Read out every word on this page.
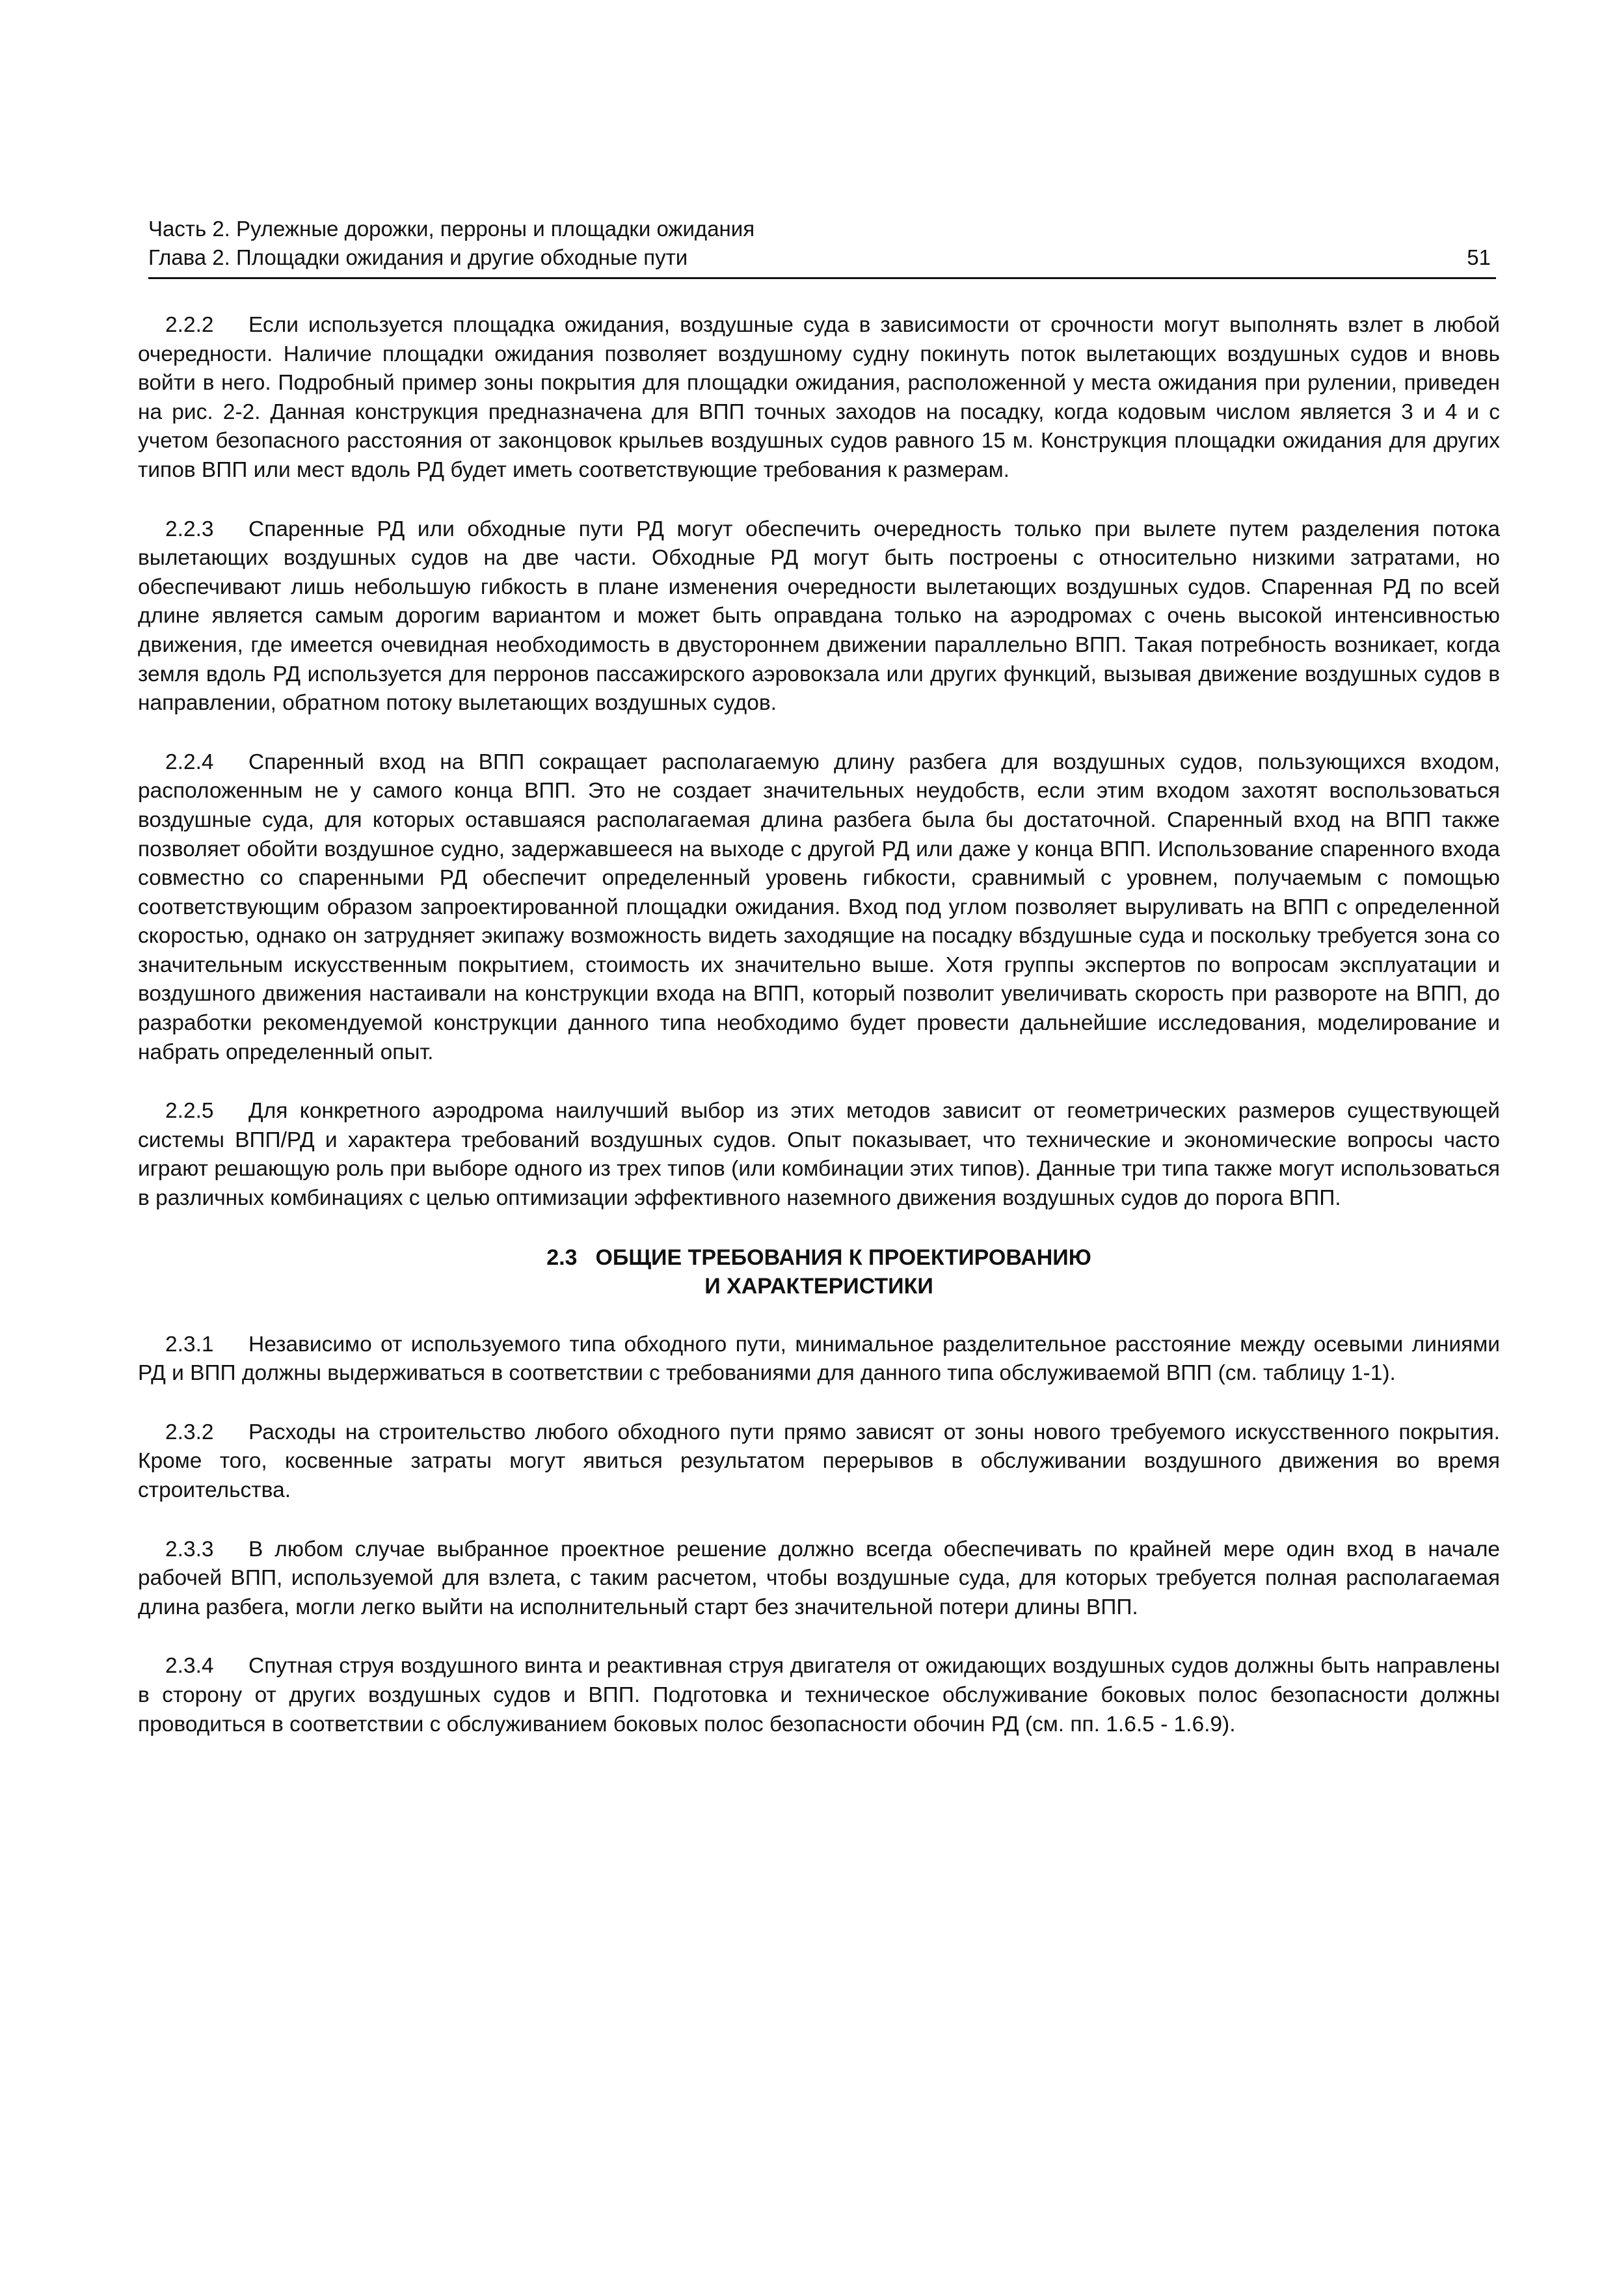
Часть 2. Рулежные дорожки, перроны и площадки ожидания
Глава 2. Площадки ожидания и другие обходные пути	51

2.2.2 Если используется площадка ожидания, воздушные суда в зависимости от срочности могут выполнять взлет в любой очередности. Наличие площадки ожидания позволяет воздушному судну покинуть поток вылетающих воздушных судов и вновь войти в него. Подробный пример зоны покрытия для площадки ожидания, расположенной у места ожидания при рулении, приведен на рис. 2-2. Данная конструкция предназначена для ВПП точных заходов на посадку, когда кодовым числом является 3 и 4 и с учетом безопасного расстояния от законцовок крыльев воздушных судов равного 15 м. Конструкция площадки ожидания для других типов ВПП или мест вдоль РД будет иметь соответствующие требования к размерам.

2.2.3 Спаренные РД или обходные пути РД могут обеспечить очередность только при вылете путем разделения потока вылетающих воздушных судов на две части. Обходные РД могут быть построены с относительно низкими затратами, но обеспечивают лишь небольшую гибкость в плане изменения очередности вылетающих воздушных судов. Спаренная РД по всей длине является самым дорогим вариантом и может быть оправдана только на аэродромах с очень высокой интенсивностью движения, где имеется очевидная необходимость в двустороннем движении параллельно ВПП. Такая потребность возникает, когда земля вдоль РД используется для перронов пассажирского аэровокзала или других функций, вызывая движение воздушных судов в направлении, обратном потоку вылетающих воздушных судов.

2.2.4 Спаренный вход на ВПП сокращает располагаемую длину разбега для воздушных судов, пользующихся входом, расположенным не у самого конца ВПП. Это не создает значительных неудобств, если этим входом захотят воспользоваться воздушные суда, для которых оставшаяся располагаемая длина разбега была бы достаточной. Спаренный вход на ВПП также позволяет обойти воздушное судно, задержавшееся на выходе с другой РД или даже у конца ВПП. Использование спаренного входа совместно со спаренными РД обеспечит определенный уровень гибкости, сравнимый с уровнем, получаемым с помощью соответствующим образом запроектированной площадки ожидания. Вход под углом позволяет выруливать на ВПП с определенной скоростью, однако он затрудняет экипажу возможность видеть заходящие на посадку вбздушные суда и поскольку требуется зона со значительным искусственным покрытием, стоимость их значительно выше. Хотя группы экспертов по вопросам эксплуатации и воздушного движения настаивали на конструкции входа на ВПП, который позволит увеличивать скорость при развороте на ВПП, до разработки рекомендуемой конструкции данного типа необходимо будет провести дальнейшие исследования, моделирование и набрать определенный опыт.

2.2.5 Для конкретного аэродрома наилучший выбор из этих методов зависит от геометрических размеров существующей системы ВПП/РД и характера требований воздушных судов. Опыт показывает, что технические и экономические вопросы часто играют решающую роль при выборе одного из трех типов (или комбинации этих типов). Данные три типа также могут использоваться в различных комбинациях с целью оптимизации эффективного наземного движения воздушных судов до порога ВПП.

2.3 ОБЩИЕ ТРЕБОВАНИЯ К ПРОЕКТИРОВАНИЮ
И ХАРАКТЕРИСТИКИ

2.3.1 Независимо от используемого типа обходного пути, минимальное разделительное расстояние между осевыми линиями РД и ВПП должны выдерживаться в соответствии с требованиями для данного типа обслуживаемой ВПП (см. таблицу 1-1).

2.3.2 Расходы на строительство любого обходного пути прямо зависят от зоны нового требуемого искусственного покрытия. Кроме того, косвенные затраты могут явиться результатом перерывов в обслуживании воздушного движения во время строительства.

2.3.3 В любом случае выбранное проектное решение должно всегда обеспечивать по крайней мере один вход в начале рабочей ВПП, используемой для взлета, с таким расчетом, чтобы воздушные суда, для которых требуется полная располагаемая длина разбега, могли легко выйти на исполнительный старт без значительной потери длины ВПП.

2.3.4 Спутная струя воздушного винта и реактивная струя двигателя от ожидающих воздушных судов должны быть направлены в сторону от других воздушных судов и ВПП. Подготовка и техническое обслуживание боковых полос безопасности должны проводиться в соответствии с обслуживанием боковых полос безопасности обочин РД (см. пп. 1.6.5 - 1.6.9).
